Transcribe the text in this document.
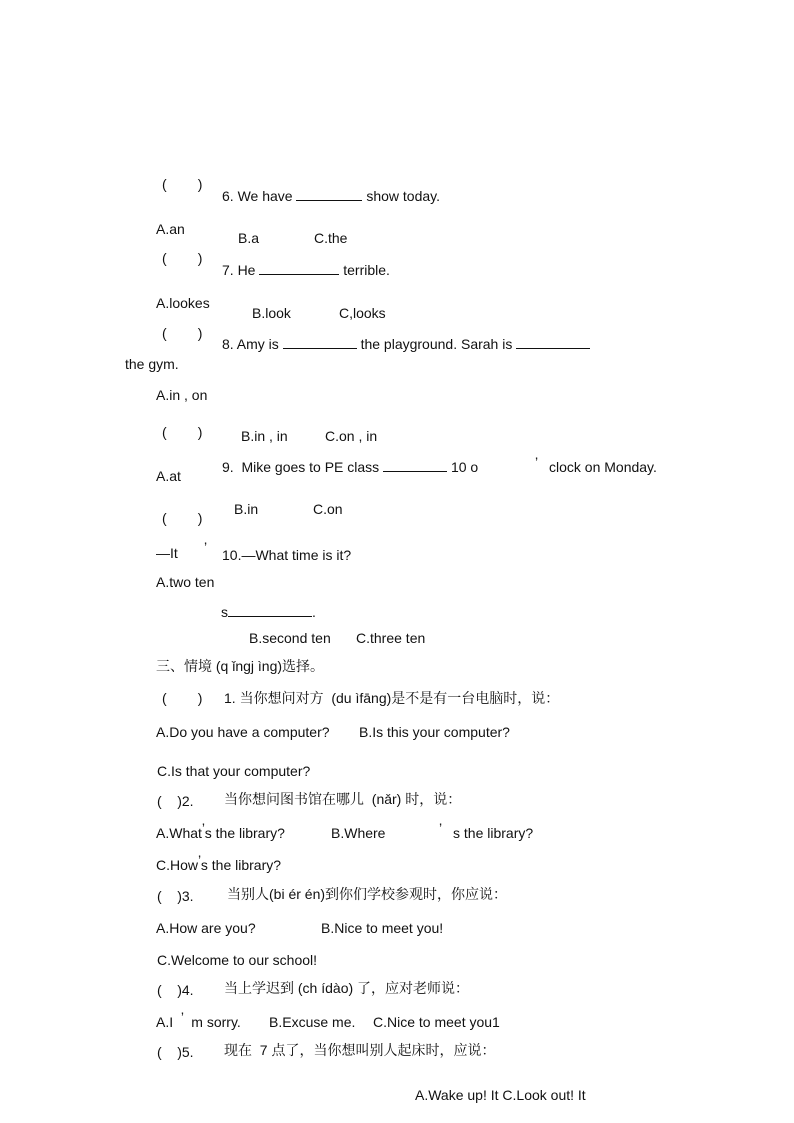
(        )
6. We have	show today.
A.an
B.a	C.the
(        )
7. He	terrible.
A.lookes
B.look	C,looks
(        )
8. Amy is	the playground. Sarah is
the gym.
A.in , on
(        )	B.in , in	C.on , in
A.at
9.  Mike goes to PE class	10 o	’ clock on Monday.
(        )
B.in	C.on
—It ’ 10.—What time is it?
A.two ten
s	.
B.second ten C.three ten
三、情境 (q ǐngj ìng)选择。
(        ) 1. 当你想问对方  (du ìfāng)是不是有一台电脑时，说：
A.Do you have a computer? B.Is this your computer?
C.Is that your computer?
(    )2. 当你想问图书馆在哪儿  (nǎr) 时，说：
A.What’s the library?	B.Where	’ s the library?
C.How’s the library?
(    )3. 当别人(bi ér én)到你们学校参观时，你应说：
A.How are you?	B.Nice to meet you!
C.Welcome to our school!
(    )4. 当上学迟到 (ch ídào) 了，应对老师说：
A.I ’ m sorry. B.Excuse me. C.Nice to meet you1
(    )5. 现在  7 点了，当你想叫别人起床时，应说：
A.Wake up! It C.Look out! It
